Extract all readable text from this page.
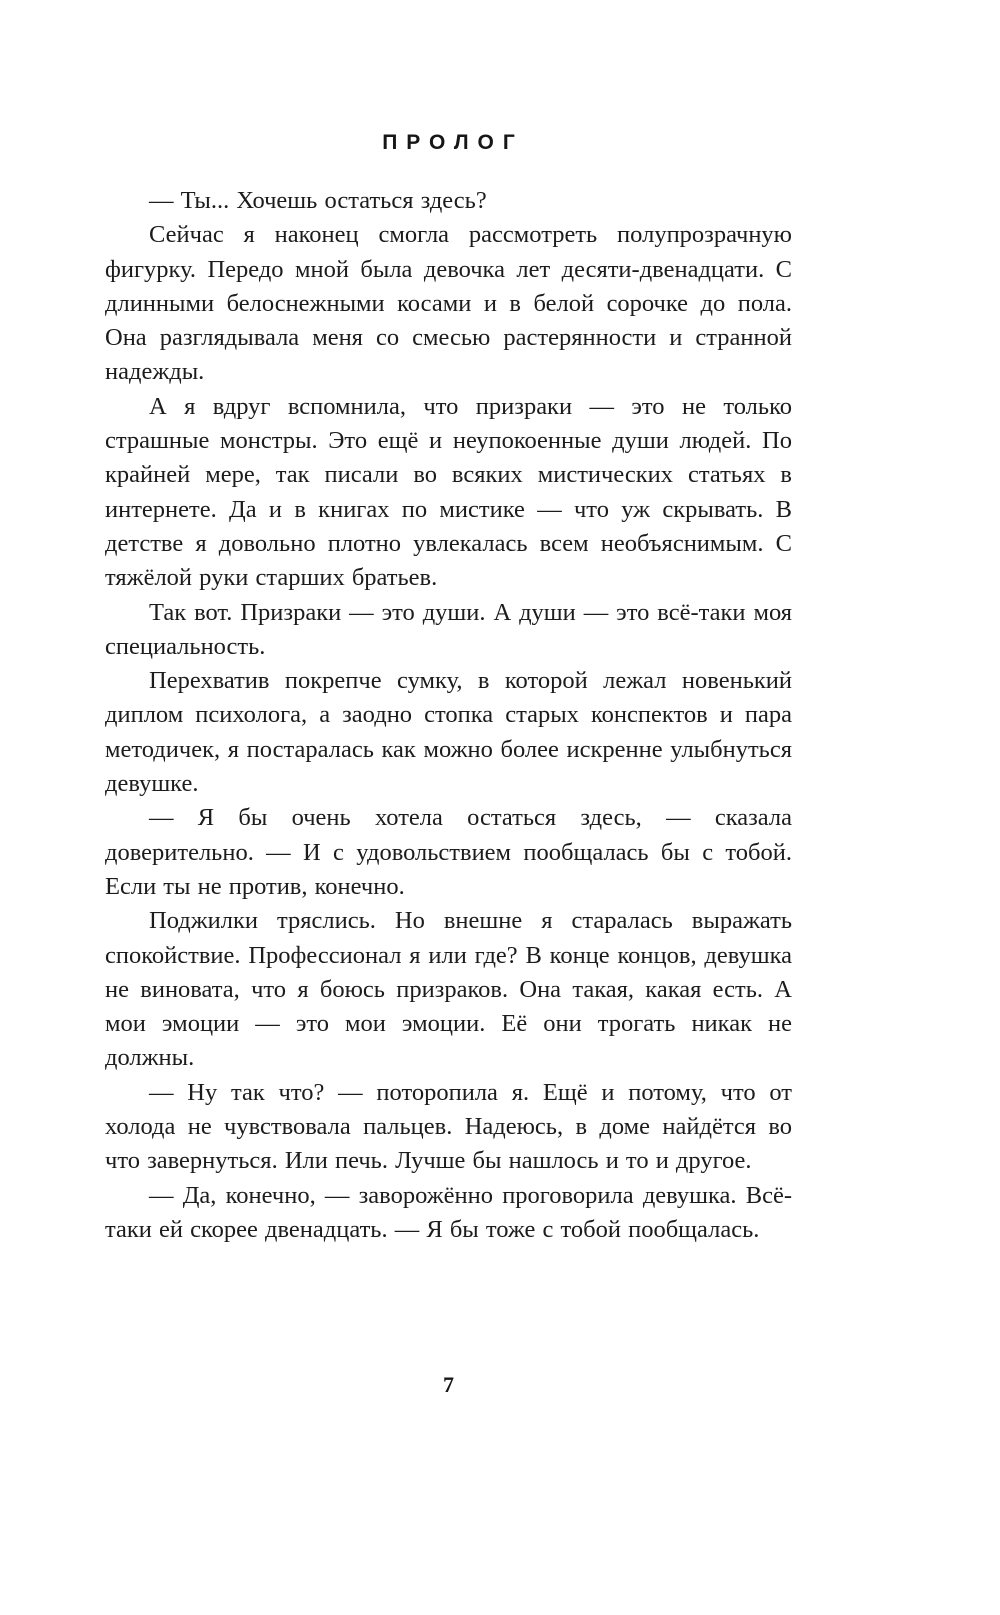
ПРОЛОГ

— Ты... Хочешь остаться здесь?

Сейчас я наконец смогла рассмотреть полупрозрачную фигурку. Передо мной была девочка лет десяти-двенадцати. С длинными белоснежными косами и в белой сорочке до пола. Она разглядывала меня со смесью растерянности и странной надежды.

А я вдруг вспомнила, что призраки — это не только страшные монстры. Это ещё и неупокоенные души людей. По крайней мере, так писали во всяких мистических статьях в интернете. Да и в книгах по мистике — что уж скрывать. В детстве я довольно плотно увлекалась всем необъяснимым. С тяжёлой руки старших братьев.

Так вот. Призраки — это души. А души — это всё-таки моя специальность.

Перехватив покрепче сумку, в которой лежал новенький диплом психолога, а заодно стопка старых конспектов и пара методичек, я постаралась как можно более искренне улыбнуться девушке.

— Я бы очень хотела остаться здесь, — сказала доверительно. — И с удовольствием пообщалась бы с тобой. Если ты не против, конечно.

Поджилки тряслись. Но внешне я старалась выражать спокойствие. Профессионал я или где? В конце концов, девушка не виновата, что я боюсь призраков. Она такая, какая есть. А мои эмоции — это мои эмоции. Её они трогать никак не должны.

— Ну так что? — поторопила я. Ещё и потому, что от холода не чувствовала пальцев. Надеюсь, в доме найдётся во что завернуться. Или печь. Лучше бы нашлось и то и другое.

— Да, конечно, — заворожённо проговорила девушка. Всё-таки ей скорее двенадцать. — Я бы тоже с тобой пообщалась.

7
